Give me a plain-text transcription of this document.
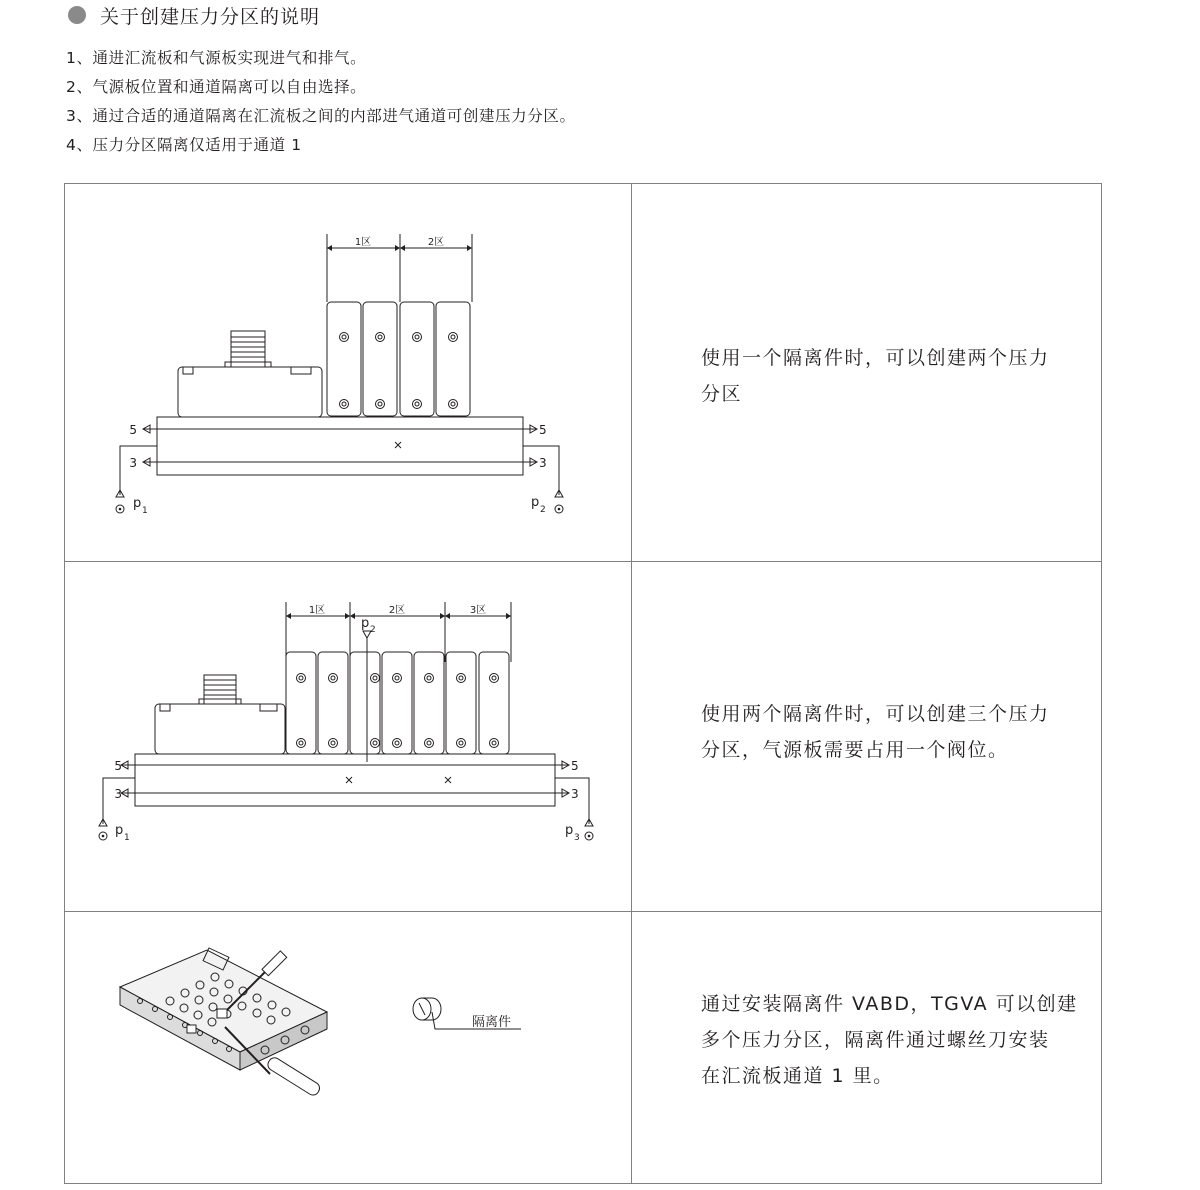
关于创建压力分区的说明
1、通进汇流板和气源板实现进气和排气。
2、气源板位置和通道隔离可以自由选择。
3、通过合适的通道隔离在汇流板之间的内部进气通道可创建压力分区。
4、压力分区隔离仅适用于通道 1
1区	2区
5	5
3	3
p 1
p 2
使用一个隔离件时，可以创建两个压力
分区
1区	2区	3区
p 2
5	5
3	3
p 1	p 3
使用两个隔离件时，可以创建三个压力
分区，气源板需要占用一个阀位。
隔离件
通过安装隔离件 VABD，TGVA 可以创建
多个压力分区，隔离件通过螺丝刀安装
在汇流板通道 1 里。
